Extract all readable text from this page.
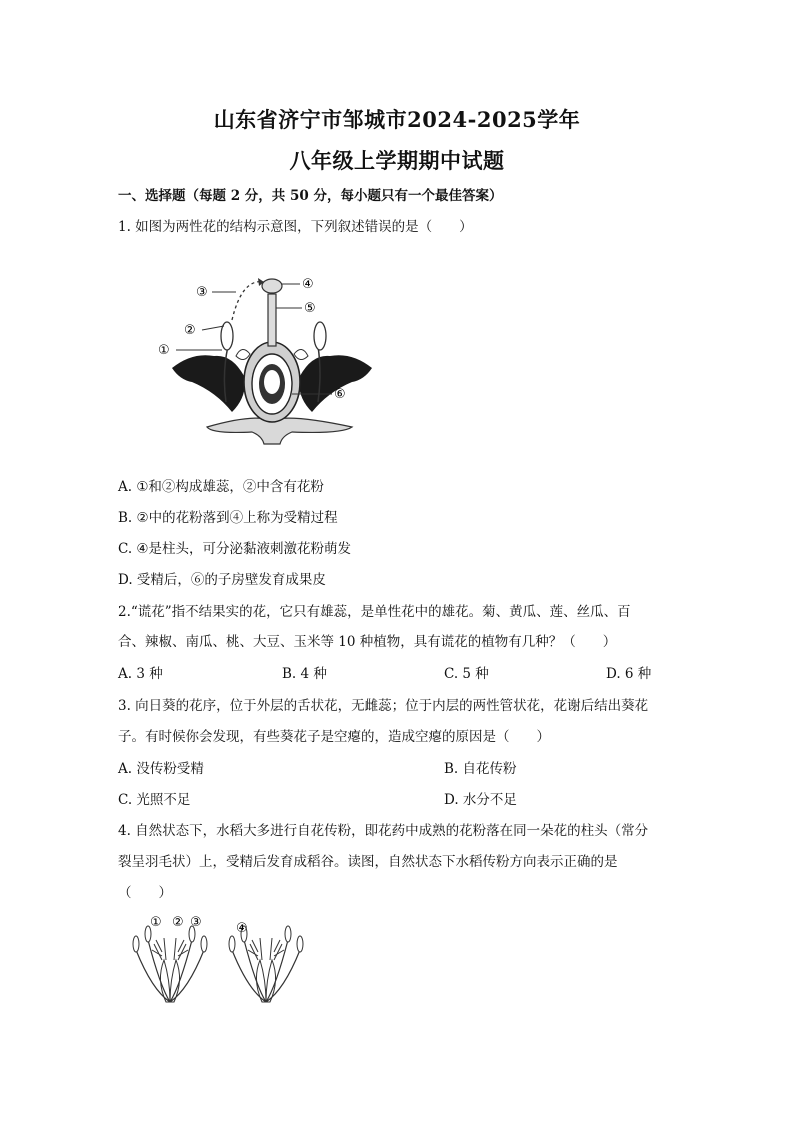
山东省济宁市邹城市2024-2025学年
八年级上学期期中试题
一、选择题（每题 2 分，共 50 分，每小题只有一个最佳答案）
1. 如图为两性花的结构示意图，下列叙述错误的是（　　）
③
④
⑤
②
①
⑥
A. ①和②构成雄蕊，②中含有花粉
B. ②中的花粉落到④上称为受精过程
C. ④是柱头，可分泌黏液刺激花粉萌发
D. 受精后，⑥的子房壁发育成果皮
2.“谎花”指不结果实的花，它只有雄蕊，是单性花中的雄花。菊、黄瓜、莲、丝瓜、百
合、辣椒、南瓜、桃、大豆、玉米等 10 种植物，具有谎花的植物有几种？（　　）
A. 3 种	B. 4 种	C. 5 种	D. 6 种
3. 向日葵的花序，位于外层的舌状花，无雌蕊；位于内层的两性管状花，花谢后结出葵花
子。有时候你会发现，有些葵花子是空瘪的，造成空瘪的原因是（　　）
A. 没传粉受精	B. 自花传粉
C. 光照不足	D. 水分不足
4. 自然状态下，水稻大多进行自花传粉，即花药中成熟的花粉落在同一朵花的柱头（常分
裂呈羽毛状）上，受精后发育成稻谷。读图，自然状态下水稻传粉方向表示正确的是
（　　）
① ② ③	④
